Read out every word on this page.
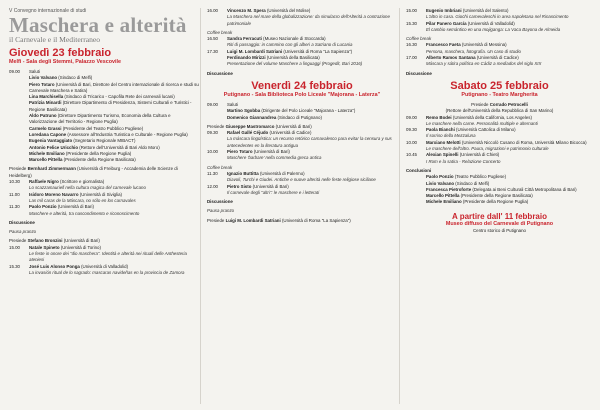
V Convegno internazionale di studi
Maschera e alterità
il Carnevale e il Mediterraneo
Giovedì 23 febbraio
Melfi - Sala degli Stemmi, Palazzo Vescovile
09.00	Saluti
Livio Valvano (Sindaco di Melfi)
Piero Totaro (Università di Bari, Direttore del Centro internazionale di ricerca e studi su Carnevale Maschera e Satira)
Lina Marchisella (Sindaco di Tricarico - Capofila Rete dei carnevali lucani)
Patrizia Minardi (Direttore Dipartimento di Presidenza, Sistemi Culturali e Turistici - Regione Basilicata)
Aldo Patruno (Direttore Dipartimento Turismo, Economia della Cultura e Valorizzazione del Territorio - Regione Puglia)
Carmelo Grassi (Presidente del Teatro Pubblico Pugliese)
Loredana Capone (Assessore all'Industria Turistica e Culturale - Regione Puglia)
Eugenia Vantaggiato (Segretario Regionale MIBACT)
Antonio Felice Uricchio (Rettore dell'Università di Bari Aldo Moro)
Michele Emiliano (Presidente della Regione Puglia)
Marcello Pittella (Presidente della Regione Basilicata)
Presiede Bernhard Zimmermann (Università di Freiburg - Accademia delle Scienze di Heidelberg)
10.30	Raffaele Nigro (Scrittore e giornalista)
Lo scazzamauriell nella cultura magica del carnevale lucano
11.00	Isidoro Moreno Navarro (Università di Siviglia)
Las mil caras de la Máscara, no sólo en los carnavales
11.30	Paolo Ponzio (Università di Bari)
Maschere e alterità, tra nascondimento e riconoscimento
Discussione
Pausa pranzo
Presiede Stefano Bronzini (Università di Bari)
15.00	Natale Spineto (Università di Torino)
Le feste in onore dei "dio maschera". Identità e alterità nei rituali delle Anthesteria ateniesi
15.30	José Luis Alonso Ponga (Università di Valladolid)
La invasión ritual de lo sagrado: mascaras navideñas en la provincia de Zamora
16.00	Vincenzo M. Spera (Università del Molise)
La Maschera nel mare della globalizzazione: da simulacro dell'Alterità a contrazione patrimoniale
Coffee break
16.50	Sandra Ferracuti (Museo Nazionale di Stoccarda)
Riti di passaggio: in cammino con gli alberi a Satriano di Lucania
17.30	Luigi M. Lombardi Satriani (Università di Roma "La Sapienza")
Ferdinando Mirizzi (Università della Basilicata)
Presentazione del volume Maschere a linguaggi (Progedit, Bari 2016)
Discussione
Venerdì 24 febbraio
Putignano - Sala Biblioteca Polo Liceale "Majorana - Laterza"
09.00	Saluti
Martino Sgobba (Dirigente del Polo Liceale "Majorana - Laterza")
Domenico Giannandrea (Sindaco di Putignano)
Presiede Giuseppe Mastromarco (Università di Bari)
09.30	Rafael Gallé Céjudo (Università di Cadice)
La máscara lingüística: un recurso retórico carnavalesco para evitar la censura y sus antecedentes en la literatura antigua
10.00	Piero Totaro (Università di Bari)
Maschere 'barbare' nella commedia greca antica
Coffee break
11.30	Ignazio Buttitta (Università di Palermo)
Diavoli, Turchi e Giudei. Antiche e nuove alterità nelle feste religiose siciliane
12.00	Pietro Sisto (Università di Bari)
Il carnevale degli "altri": le maschere e i letterati
Discussione
Pausa pranzo
Presiede Luigi M. Lombardi Satriani (Università di Roma "La Sapienza")
15.00	Eugenio Imbriani (Università del Salento)
L'altro in casa. Giochi carnevaleschi in area napoletana nel Rinascimento
15.30	Pilar Panero García (Università di Valladolid)
El cambio semántico en una mojiganga: La Vaca Bayona de Almeida
Coffee break
16.30	Francesco Faeta (Università di Messina)
Persona, maschera, fotografia. Un caso di studio
17.00	Alberto Ramos Santana (Università di Cadice)
Máscara y sátira política en Cádiz a mediados del siglo XIX
Discussione
Sabato 25 febbraio
Putignano - Teatro Margherita
Presiede Corrado Petrocelli
(Rettore dell'Università della Repubblica di San Marino)
09.00	Remo Bodei (Università della California, Los Angeles)
Le maschere nella carne. Personalità multiple e alternanti
09.30	Paola Bianchi (Università Cattolica di Milano)
Il sorriso della Mezzaluna
10.00	Marxiano Melotti (Università Niccolò Cusano di Roma, Università Milano Bicocca)
Le maschere dell'altro. Paura, migrazioni e patrimonio culturale
10.45	Alexian Spinelli (Università di Chieti)
I Rom e la satira - Relazione Concerto
Conclusioni
Paolo Ponzio (Teatro Pubblico Pugliese)
Livio Valvano (Sindaco di Melfi)
Francesca Pietroforte (Delegata ai Beni Culturali Città Metropolitana di Bari)
Marcello Pittella (Presidente della Regione Basilicata)
Michele Emiliano (Presidente della Regione Puglia)
A partire dall' 11 febbraio
Museo diffuso del Carnevale di Putignano
Centro storico di Putignano
